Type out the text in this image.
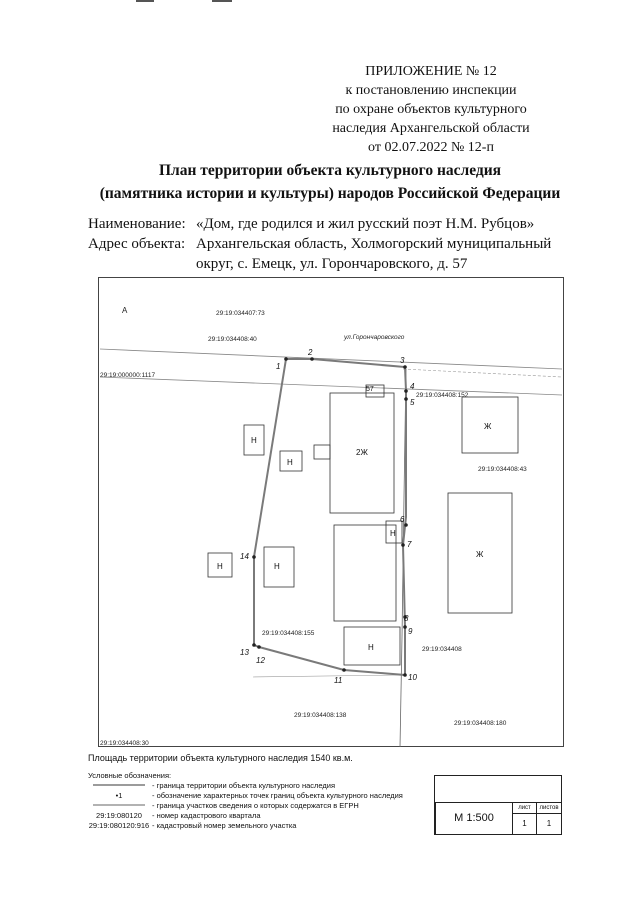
ПРИЛОЖЕНИЕ № 12
к постановлению инспекции
по охране объектов культурного
наследия Архангельской области
от 02.07.2022 № 12-п
План территории объекта культурного наследия
(памятника истории и культуры) народов Российской Федерации
Наименование: «Дом, где родился и жил русский поэт Н.М. Рубцов»
Адрес объекта: Архангельская область, Холмогорский муниципальный
округ, с. Емецк, ул. Горончаровского, д. 57
1
2
3
4
5
6
7
8
9
10
11
12
13
14
2Ж
Ж
Ж
57
Н
Н
Н
Н
Н
Н
ул.Горончаровского
А	29:19:034407:73
29:19:034408:40
29:19:000000:1117
29:19:034408:152
29:19:034408:43
29:19:034408:155
29:19:034408
29:19:034408:138
29:19:034408:180
29:19:034408:30
Площадь территории объекта культурного наследия 1540 кв.м.
Условные обозначения:
- граница территории объекта культурного наследия
•1	- обозначение характерных точек границ объекта культурного наследия
- граница участков сведения о которых содержатся в ЕГРН
29:19:080120	- номер кадастрового квартала
29:19:080120:916 - кадастровый номер земельного участка
М 1:500
лист	листов
1	1
